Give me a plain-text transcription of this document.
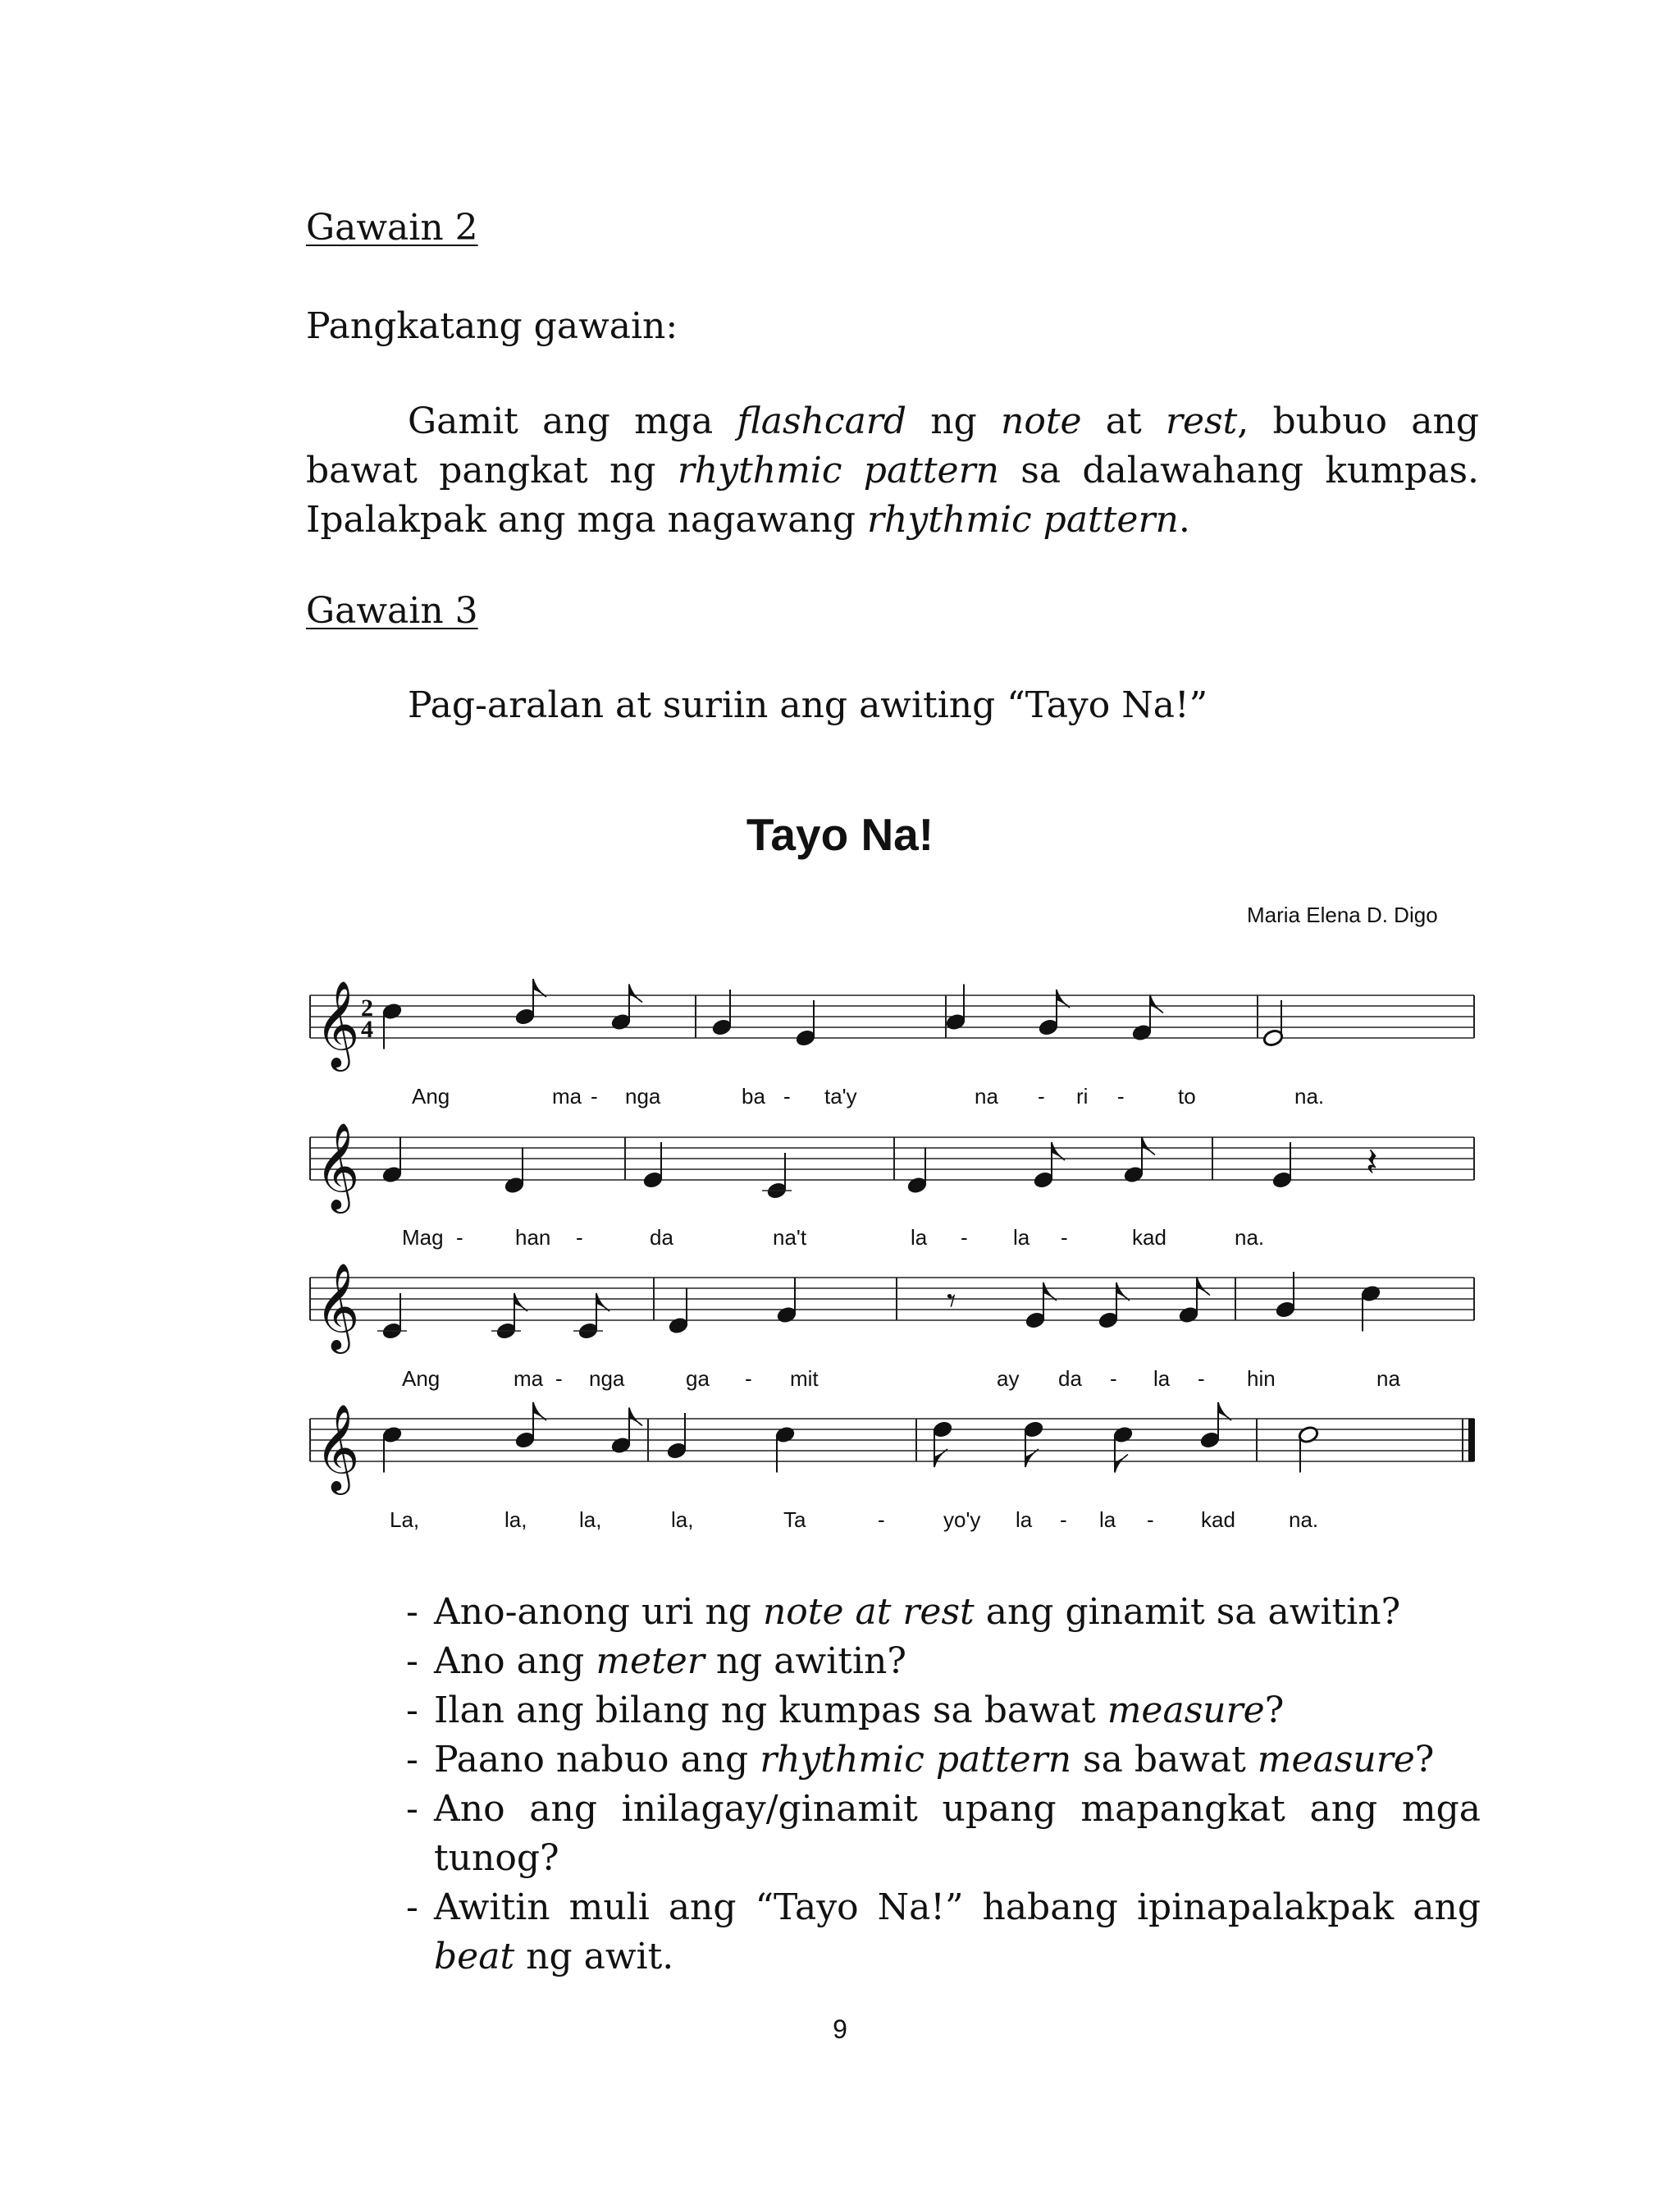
Gawain 2
Pangkatang gawain:
Gamit ang mga flashcard ng note at rest, bubuo ang bawat pangkat ng rhythmic pattern sa dalawahang kumpas. Ipalakpak ang mga nagawang rhythmic pattern.
Gawain 3
Pag-aralan at suriin ang awiting “Tayo Na!”
Tayo Na!
Maria Elena D. Digo
𝄞 2
4
Ang	ma - nga	ba - ta'y	na - ri -	to	na.
𝄞	𝄽
Mag - han -	da	na't	la - la -	kad	na.
𝄞	𝄾
Ang	ma - nga	ga - mit	ay da - la - hin	na
𝄞
La,	la, la,	la,	Ta	-	yo'y la - la - kad	na.
- Ano-anong uri ng note at rest ang ginamit sa awitin?
- Ano ang meter ng awitin?
- Ilan ang bilang ng kumpas sa bawat measure?
- Paano nabuo ang rhythmic pattern sa bawat measure?
- Ano ang inilagay/ginamit upang mapangkat ang mga tunog?
- Awitin muli ang “Tayo Na!” habang ipinapalakpak ang beat ng awit.
9
